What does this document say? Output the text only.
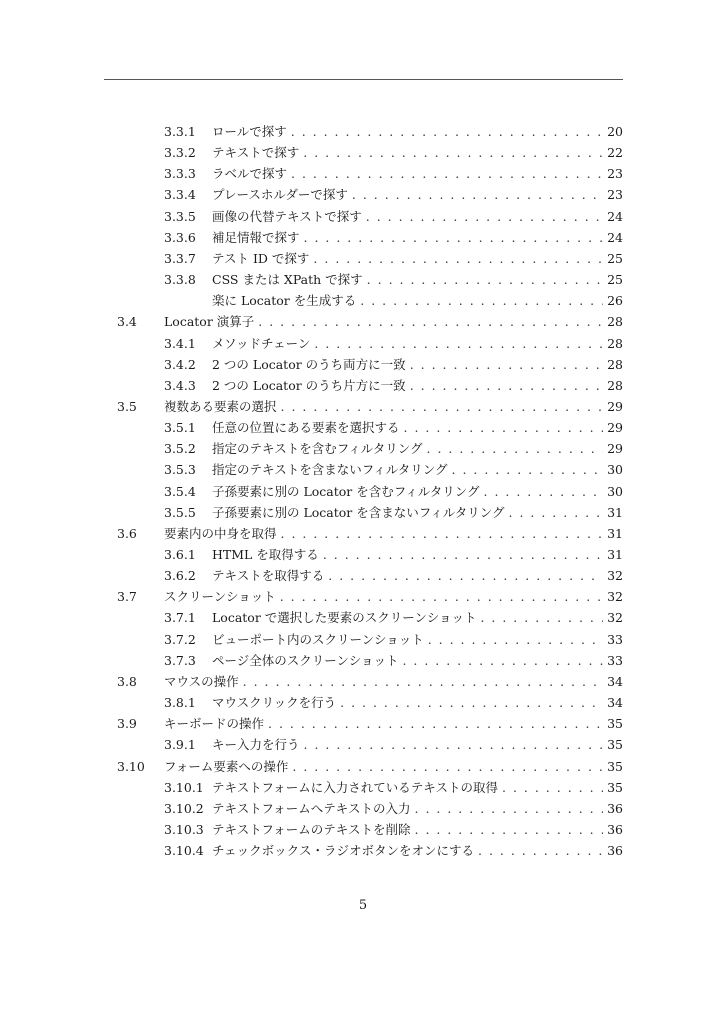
3.3.1	ロールで探す . . .	20
3.3.2	テキストで探す . . .	22
3.3.3	ラベルで探す . . .	23
3.3.4	プレースホルダーで探す . . .	23
3.3.5	画像の代替テキストで探す . . .	24
3.3.6	補足情報で探す . . .	24
3.3.7	テスト ID で探す . . .	25
3.3.8	CSS または XPath で探す . . .	25
楽に Locator を生成する . . .	26
3.4 Locator 演算子 . . .	28
3.4.1	メソッドチェーン . . .	28
3.4.2	2 つの Locator のうち両方に一致 . . .	28
3.4.3	2 つの Locator のうち片方に一致 . . .	28
3.5 複数ある要素の選択 . . .	29
3.5.1	任意の位置にある要素を選択する . . .	29
3.5.2	指定のテキストを含むフィルタリング . . .	29
3.5.3	指定のテキストを含まないフィルタリング . . .	30
3.5.4	子孫要素に別の Locator を含むフィルタリング . . .	30
3.5.5	子孫要素に別の Locator を含まないフィルタリング . . .	31
3.6 要素内の中身を取得 . . .	31
3.6.1	HTML を取得する . . .	31
3.6.2	テキストを取得する . . .	32
3.7 スクリーンショット . . .	32
3.7.1	Locator で選択した要素のスクリーンショット . . .	32
3.7.2	ビューポート内のスクリーンショット . . .	33
3.7.3	ページ全体のスクリーンショット . . .	33
3.8 マウスの操作 . . .	34
3.8.1	マウスクリックを行う . . .	34
3.9 キーボードの操作 . . .	35
3.9.1	キー入力を行う . . .	35
3.10 フォーム要素への操作 . . .	35
3.10.1 テキストフォームに入力されているテキストの取得 . . .	35
3.10.2 テキストフォームへテキストの入力 . . .	36
3.10.3 テキストフォームのテキストを削除 . . .	36
3.10.4 チェックボックス・ラジオボタンをオンにする . . .	36
5
